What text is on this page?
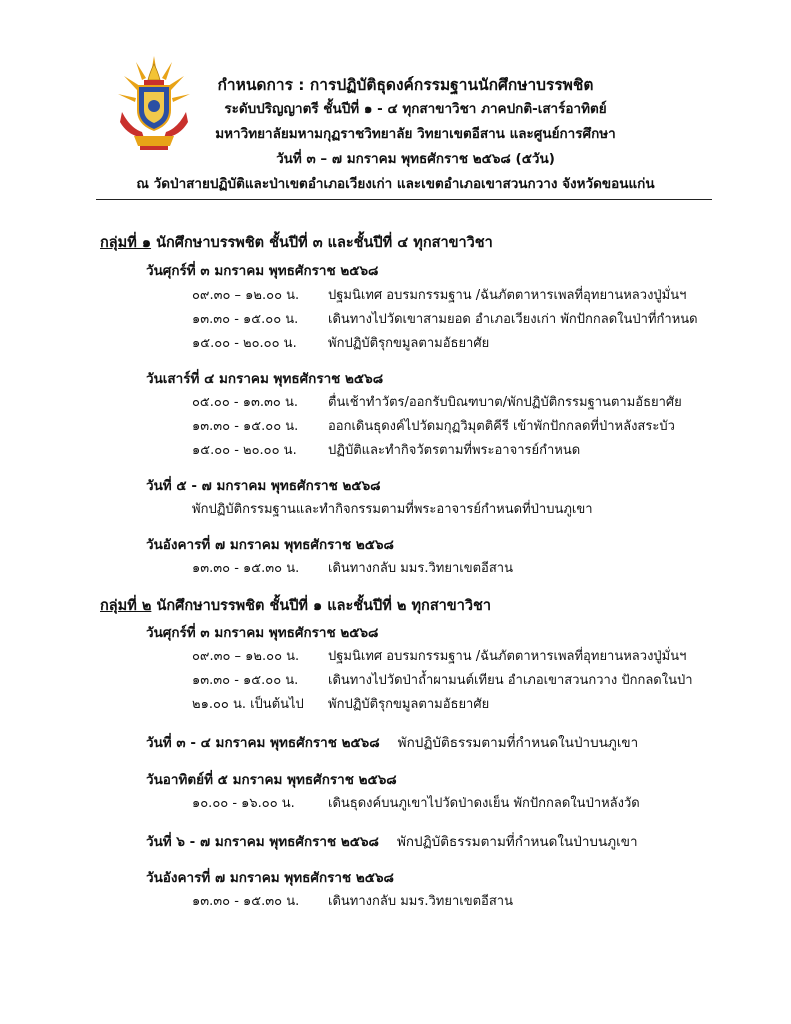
กำหนดการ : การปฏิบัติธุดงค์กรรมฐานนักศึกษาบรรพชิต
ระดับปริญญาตรี ชั้นปีที่ ๑ - ๔ ทุกสาขาวิชา ภาคปกติ-เสาร์อาทิตย์
มหาวิทยาลัยมหามกุฏราชวิทยาลัย วิทยาเขตอีสาน และศูนย์การศึกษา
วันที่ ๓ – ๗ มกราคม พุทธศักราช ๒๕๖๘ (๕วัน)
ณ วัดป่าสายปฏิบัติและป่าเขตอำเภอเวียงเก่า และเขตอำเภอเขาสวนกวาง จังหวัดขอนแก่น
กลุ่มที่ ๑ นักศึกษาบรรพชิต ชั้นปีที่ ๓ และชั้นปีที่ ๔ ทุกสาขาวิชา
วันศุกร์ที่ ๓ มกราคม พุทธศักราช ๒๕๖๘
๐๙.๓๐ – ๑๒.๐๐ น. ปฐมนิเทศ อบรมกรรมฐาน /ฉันภัตตาหารเพลที่อุทยานหลวงปู่มั่นฯ
๑๓.๓๐ - ๑๕.๐๐ น. เดินทางไปวัดเขาสามยอด อำเภอเวียงเก่า พักปักกลดในป่าที่กำหนด
๑๕.๐๐ - ๒๐.๐๐ น. พักปฏิบัติรุกขมูลตามอัธยาศัย
วันเสาร์ที่ ๔ มกราคม พุทธศักราช ๒๕๖๘
๐๕.๐๐ - ๑๓.๓๐ น. ตื่นเช้าทำวัตร/ออกรับบิณฑบาต/พักปฏิบัติกรรมฐานตามอัธยาศัย
๑๓.๓๐ - ๑๕.๐๐ น. ออกเดินธุดงค์ไปวัดมกุฏวิมุตติคีรี เข้าพักปักกลดที่ป่าหลังสระบัว
๑๕.๐๐ - ๒๐.๐๐ น. ปฏิบัติและทำกิจวัตรตามที่พระอาจารย์กำหนด
วันที่ ๕ - ๗ มกราคม พุทธศักราช ๒๕๖๘
พักปฏิบัติกรรมฐานและทำกิจกรรมตามที่พระอาจารย์กำหนดที่ป่าบนภูเขา
วันอังคารที่ ๗ มกราคม พุทธศักราช ๒๕๖๘
๑๓.๓๐ - ๑๕.๓๐ น. เดินทางกลับ มมร.วิทยาเขตอีสาน
กลุ่มที่ ๒ นักศึกษาบรรพชิต ชั้นปีที่ ๑ และชั้นปีที่ ๒ ทุกสาขาวิชา
วันศุกร์ที่ ๓ มกราคม พุทธศักราช ๒๕๖๘
๐๙.๓๐ – ๑๒.๐๐ น. ปฐมนิเทศ อบรมกรรมฐาน /ฉันภัตตาหารเพลที่อุทยานหลวงปู่มั่นฯ
๑๓.๓๐ - ๑๕.๐๐ น. เดินทางไปวัดป่าถ้ำผามนต์เทียน อำเภอเขาสวนกวาง ปักกลดในป่า
๒๑.๐๐ น. เป็นต้นไป พักปฏิบัติรุกขมูลตามอัธยาศัย
วันที่ ๓ - ๔ มกราคม พุทธศักราช ๒๕๖๘ พักปฏิบัติธรรมตามที่กำหนดในป่าบนภูเขา
วันอาทิตย์ที่ ๕ มกราคม พุทธศักราช ๒๕๖๘
๑๐.๐๐ - ๑๖.๐๐ น.	เดินธุดงค์บนภูเขาไปวัดป่าดงเย็น พักปักกลดในป่าหลังวัด
วันที่ ๖ - ๗ มกราคม พุทธศักราช ๒๕๖๘ พักปฏิบัติธรรมตามที่กำหนดในป่าบนภูเขา
วันอังคารที่ ๗ มกราคม พุทธศักราช ๒๕๖๘
๑๓.๓๐ - ๑๕.๓๐ น. เดินทางกลับ มมร.วิทยาเขตอีสาน
